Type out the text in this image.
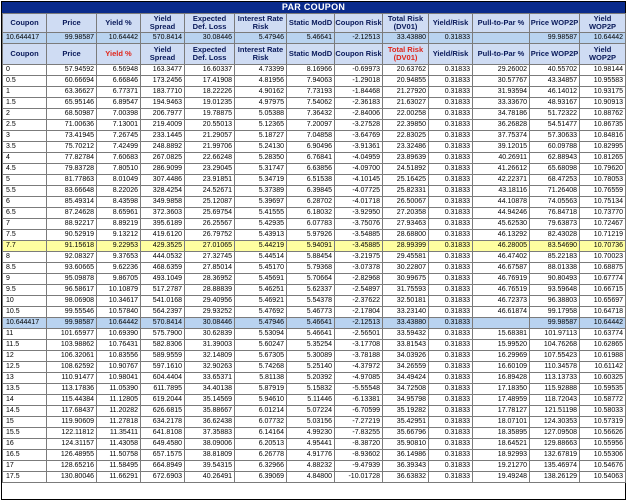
PAR COUPON
Coupon	Price	Yield %	Yield Spread	Expected Def. Loss	Interest Rate Risk	Static ModD	Coupon Risk	Total Risk (DV01)	Yield/Risk	Pull-to-Par %	Price WOP2P	Yield WOP2P
10.644417	99.98587	10.64442	570.8414	30.08446	5.47946	5.46641	-2.12513	33.43880	0.31833		99.98587	10.64442
Coupon	Price	Yield %	Yield Spread	Expected Def. Loss	Interest Rate Risk	Static ModD	Coupon Risk	Total Risk (DV01)	Yield/Risk	Pull-to-Par %	Price WOP2P	Yield WOP2P
0	57.94592	6.56948	163.3477	16.60337	4.73399	8.16966	-0.69973	20.63762	0.31833	29.26002	40.55702	10.98144
0.5	60.66694	6.66846	173.2456	17.41908	4.81956	7.94063	-1.29018	20.94855	0.31833	30.57767	43.34857	10.95583
1	63.36627	6.77371	183.7710	18.22226	4.90162	7.73193	-1.84468	21.27920	0.31833	31.93594	46.14012	10.93175
1.5	65.95146	6.89547	194.9463	19.01235	4.97975	7.54062	-2.36183	21.63027	0.31833	33.33670	48.93167	10.90913
2	68.50987	7.00398	206.7977	19.78875	5.05388	7.36432	-2.84006	22.00258	0.31833	34.78186	51.72322	10.88762
2.5	71.00636	7.13001	219.4009	20.55013	5.12365	7.20097	-3.27528	22.39850	0.31833	36.26828	54.51477	10.86735
3	73.41945	7.26745	233.1445	21.29057	5.18727	7.04858	-3.64769	22.83025	0.31833	37.75374	57.30633	10.84816
3.5	75.70212	7.42499	248.8892	21.99706	5.24130	6.90496	-3.91361	23.32486	0.31833	39.12015	60.09788	10.82995
4	77.82784	7.60683	267.0825	22.66248	5.28350	6.76841	-4.04959	23.89639	0.31833	40.26911	62.88943	10.81265
4.5	79.83728	7.80510	286.9099	23.29045	5.31747	6.63856	-4.09700	24.51892	0.31833	41.26612	65.68098	10.79620
5	81.77863	8.01049	307.4486	23.91851	5.34719	6.51538	-4.10145	25.16425	0.31833	42.22371	68.47253	10.78053
5.5	83.66648	8.22026	328.4254	24.52671	5.37389	6.39845	-4.07725	25.82331	0.31833	43.18116	71.26408	10.76559
6	85.49314	8.43598	349.9858	25.12087	5.39697	6.28702	-4.01718	26.50067	0.31833	44.10878	74.05563	10.75134
6.5	87.24628	8.65961	372.3603	25.69754	5.41555	6.18032	-3.92950	27.20358	0.31833	44.94246	76.84718	10.73770
7	88.92217	8.89219	395.6189	26.25567	5.42935	6.07783	-3.75076	27.93463	0.31833	45.62530	79.63873	10.72467
7.5	90.52919	9.13212	419.6120	26.79752	5.43913	5.97926	-3.54885	28.68800	0.31833	46.13292	82.43028	10.71219
7.7	91.15618	9.22953	429.3525	27.01065	5.44219	5.94091	-3.45885	28.99399	0.31833	46.28005	83.54690	10.70736
8	92.08327	9.37653	444.0532	27.32745	5.44514	5.88454	-3.21975	29.45581	0.31833	46.47402	85.22183	10.70023
8.5	93.60665	9.62236	468.6359	27.85014	5.45170	5.79368	-3.07378	30.22807	0.31833	46.67587	88.01338	10.68875
9	95.09878	9.86705	493.1049	28.36952	5.45691	5.70664	-2.82968	30.99675	0.31833	46.76919	90.80493	10.67774
9.5	96.58617	10.10879	517.2787	28.88839	5.46251	5.62337	-2.54897	31.75593	0.31833	46.76519	93.59648	10.66715
10	98.06908	10.34617	541.0168	29.40956	5.46921	5.54378	-2.37622	32.50181	0.31833	46.72373	96.38803	10.65697
10.5	99.55546	10.57840	564.2397	29.93252	5.47692	5.46773	-2.17804	33.23140	0.31833	46.61874	99.17958	10.64718
10.644417	99.98587	10.64442	570.8414	30.08446	5.47946	5.46641	-2.12513	33.43880	0.31833		99.98587	10.64442
11	101.65977	10.69390	575.7900	30.62839	5.53094	5.46641	-2.56501	33.59432	0.31833	15.68381	101.97113	10.63774
11.5	103.98862	10.76431	582.8306	31.39003	5.60247	5.35254	-3.17708	33.81543	0.31833	15.99520	104.76268	10.62865
12	106.32061	10.83556	589.9559	32.14809	5.67305	5.30089	-3.78188	34.03926	0.31833	16.29969	107.55423	10.61988
12.5	108.62592	10.90767	597.1610	32.90263	5.74268	5.25140	-4.37972	34.26559	0.31833	16.60109	110.34578	10.61142
13	110.91477	10.98041	604.4404	33.65371	5.81138	5.20392	-4.97085	34.49424	0.31833	16.89428	113.13733	10.60325
13.5	113.17836	11.05390	611.7895	34.40138	5.87919	5.15832	-5.55548	34.72508	0.31833	17.18350	115.92888	10.59535
14	115.44384	11.12805	619.2044	35.14569	5.94610	5.11446	-6.13381	34.95798	0.31833	17.48959	118.72043	10.58772
14.5	117.68437	11.20282	626.6815	35.88667	6.01214	5.07224	-6.70599	35.19282	0.31833	17.78127	121.51198	10.58033
15	119.90609	11.27818	634.2178	36.62438	6.07732	5.03156	-7.27219	35.42951	0.31833	18.07101	124.30353	10.57319
15.5	122.11812	11.35411	641.8108	37.35883	6.14164	4.99230	-7.83255	35.66796	0.31833	18.35895	127.09508	10.56626
16	124.31157	11.43058	649.4580	38.09006	6.20513	4.95441	-8.38720	35.90810	0.31833	18.64521	129.88663	10.55956
16.5	126.48955	11.50758	657.1575	38.81809	6.26778	4.91776	-8.93602	36.14986	0.31833	18.92993	132.67819	10.55306
17	128.65216	11.58495	664.8949	39.54315	6.32966	4.88232	-9.47939	36.39343	0.31833	19.21270	135.46974	10.54676
17.5	130.80046	11.66291	672.6903	40.26491	6.39069	4.84800	-10.01728	36.63832	0.31833	19.49248	138.26129	10.54063
